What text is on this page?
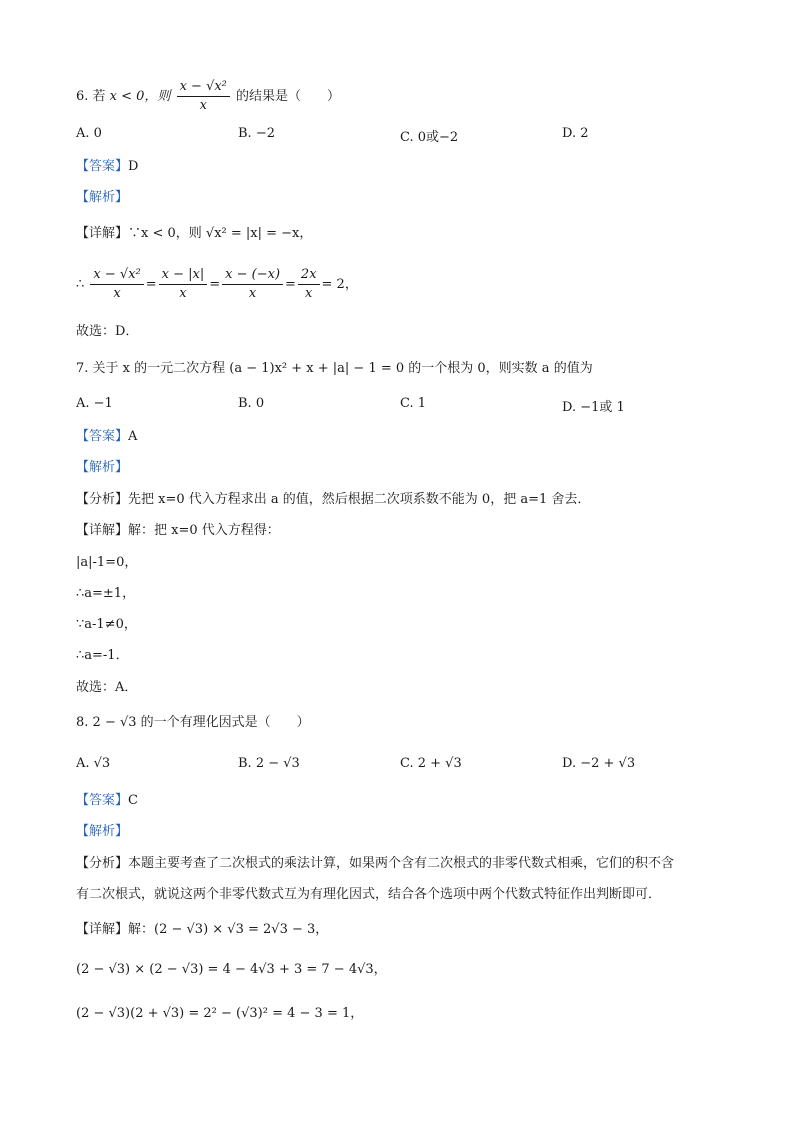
6. 若 x < 0，则 $\frac{\text{x − √x²}}{x}$ 的结果是（　　）
A. 0	B. −2	C. 0或−2	D. 2
【答案】D
【解析】
【详解】∵x < 0，则 √x² = |x| = −x，
∴ $\frac{\text{x − √x²}}{x} = \frac{x - |x|}{x} = \frac{x - (-x)}{x} = \frac{2x}{x} = 2$，
故选：D．
7. 关于 x 的一元二次方程 (a − 1)x² + x + |a| − 1 = 0 的一个根为 0，则实数 a 的值为
A. −1	B. 0	C. 1	D. −1或 1
【答案】A
【解析】
【分析】先把 x=0 代入方程求出 a 的值，然后根据二次项系数不能为 0，把 a=1 舍去．
【详解】解：把 x=0 代入方程得：
|a|-1=0，
∴a=±1，
∵a-1≠0，
∴a=-1．
故选：A．
8. 2 − √3 的一个有理化因式是（　　）
A. √3	B. 2 − √3	C. 2 + √3	D. −2 + √3
【答案】C
【解析】
【分析】本题主要考查了二次根式的乘法计算，如果两个含有二次根式的非零代数式相乘，它们的积不含
有二次根式，就说这两个非零代数式互为有理化因式，结合各个选项中两个代数式特征作出判断即可．
【详解】解：(2 − √3) × √3 = 2√3 − 3，
(2 − √3) × (2 − √3) = 4 − 4√3 + 3 = 7 − 4√3，
(2 − √3)(2 + √3) = 2² − (√3)² = 4 − 3 = 1，
